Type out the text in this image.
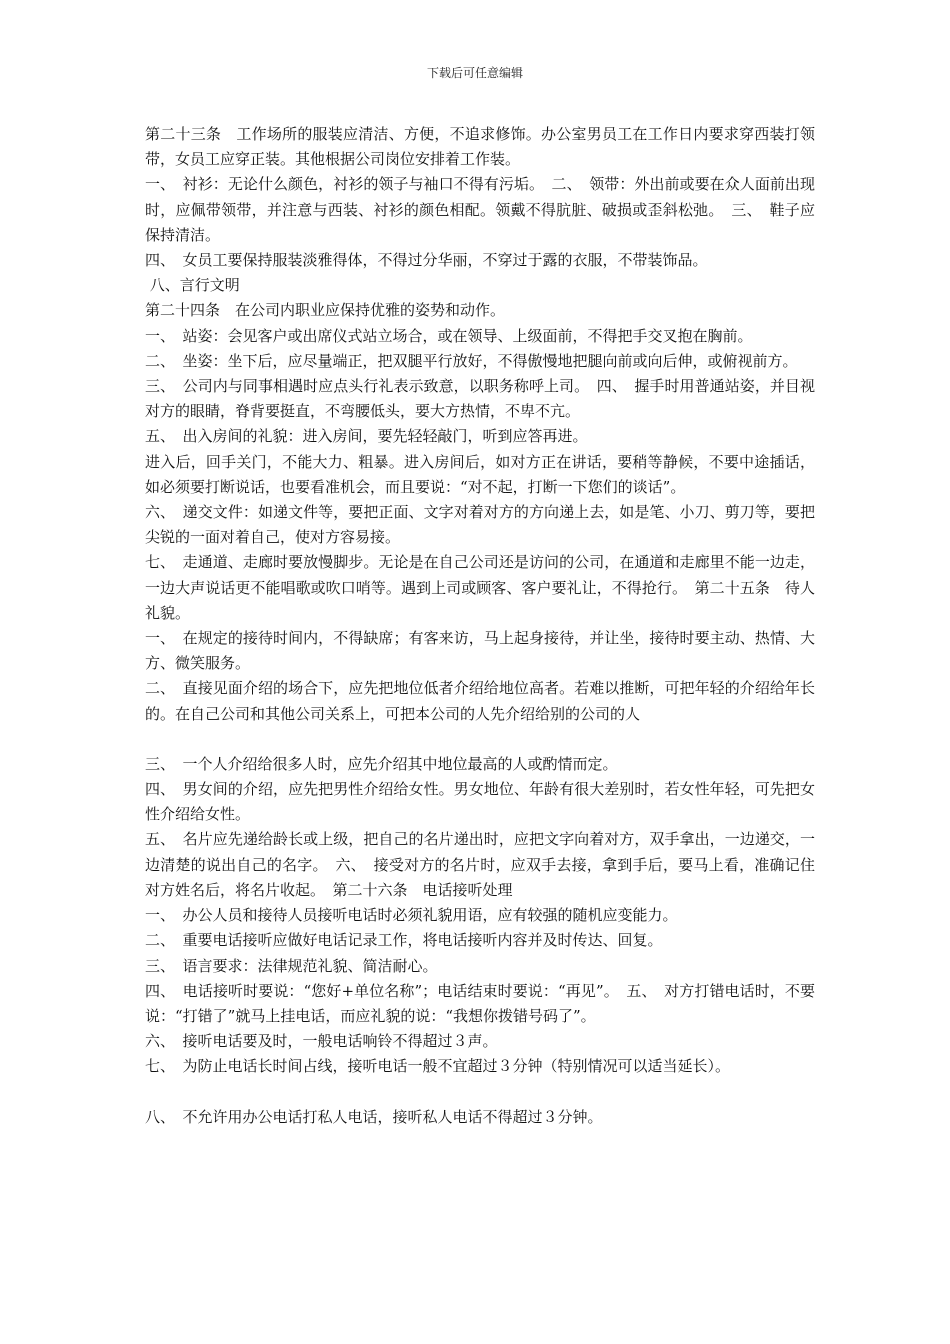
下载后可任意编辑

第二十三条　工作场所的服装应清洁、方便，不追求修饰。办公室男员工在工作日内要求穿西装打领带，女员工应穿正装。其他根据公司岗位安排着工作装。

一、　衬衫：无论什么颜色，衬衫的领子与袖口不得有污垢。　二、　领带：外出前或要在众人面前出现时，应佩带领带，并注意与西装、衬衫的颜色相配。领戴不得肮脏、破损或歪斜松弛。　三、　鞋子应保持清洁。

四、　女员工要保持服装淡雅得体，不得过分华丽，不穿过于露的衣服，不带装饰品。

八、言行文明

第二十四条　在公司内职业应保持优雅的姿势和动作。

一、　站姿：会见客户或出席仪式站立场合，或在领导、上级面前，不得把手交叉抱在胸前。

二、　坐姿：坐下后，应尽量端正，把双腿平行放好，不得傲慢地把腿向前或向后伸，或俯视前方。

三、　公司内与同事相遇时应点头行礼表示致意，以职务称呼上司。　四、　握手时用普通站姿，并目视对方的眼睛，脊背要挺直，不弯腰低头，要大方热情，不卑不亢。

五、　出入房间的礼貌：进入房间，要先轻轻敲门，听到应答再进。

进入后，回手关门，不能大力、粗暴。进入房间后，如对方正在讲话，要稍等静候，不要中途插话，如必须要打断说话，也要看准机会，而且要说：“对不起，打断一下您们的谈话”。

六、　递交文件：如递文件等，要把正面、文字对着对方的方向递上去，如是笔、小刀、剪刀等，要把尖锐的一面对着自己，使对方容易接。

七、　走通道、走廊时要放慢脚步。无论是在自己公司还是访问的公司，在通道和走廊里不能一边走，一边大声说话更不能唱歌或吹口哨等。遇到上司或顾客、客户要礼让，不得抢行。　第二十五条　待人礼貌。

一、　在规定的接待时间内，不得缺席；有客来访，马上起身接待，并让坐，接待时要主动、热情、大方、微笑服务。

二、　直接见面介绍的场合下，应先把地位低者介绍给地位高者。若难以推断，可把年轻的介绍给年长的。在自己公司和其他公司关系上，可把本公司的人先介绍给别的公司的人

三、　一个人介绍给很多人时，应先介绍其中地位最高的人或酌情而定。

四、　男女间的介绍，应先把男性介绍给女性。男女地位、年龄有很大差别时，若女性年轻，可先把女性介绍给女性。

五、　名片应先递给龄长或上级，把自己的名片递出时，应把文字向着对方，双手拿出，一边递交，一边清楚的说出自己的名字。　六、　接受对方的名片时，应双手去接，拿到手后，要马上看，准确记住对方姓名后，将名片收起。　第二十六条　电话接听处理

一、　办公人员和接待人员接听电话时必须礼貌用语，应有较强的随机应变能力。

二、　重要电话接听应做好电话记录工作，将电话接听内容并及时传达、回复。

三、　语言要求：法律规范礼貌、简洁耐心。

四、　电话接听时要说：“您好+单位名称”；电话结束时要说：“再见”。　五、　对方打错电话时，不要说：“打错了”就马上挂电话，而应礼貌的说：“我想你拨错号码了”。

六、　接听电话要及时，一般电话响铃不得超过３声。

七、　为防止电话长时间占线，接听电话一般不宜超过３分钟（特别情况可以适当延长）。

八、　不允许用办公电话打私人电话，接听私人电话不得超过３分钟。
